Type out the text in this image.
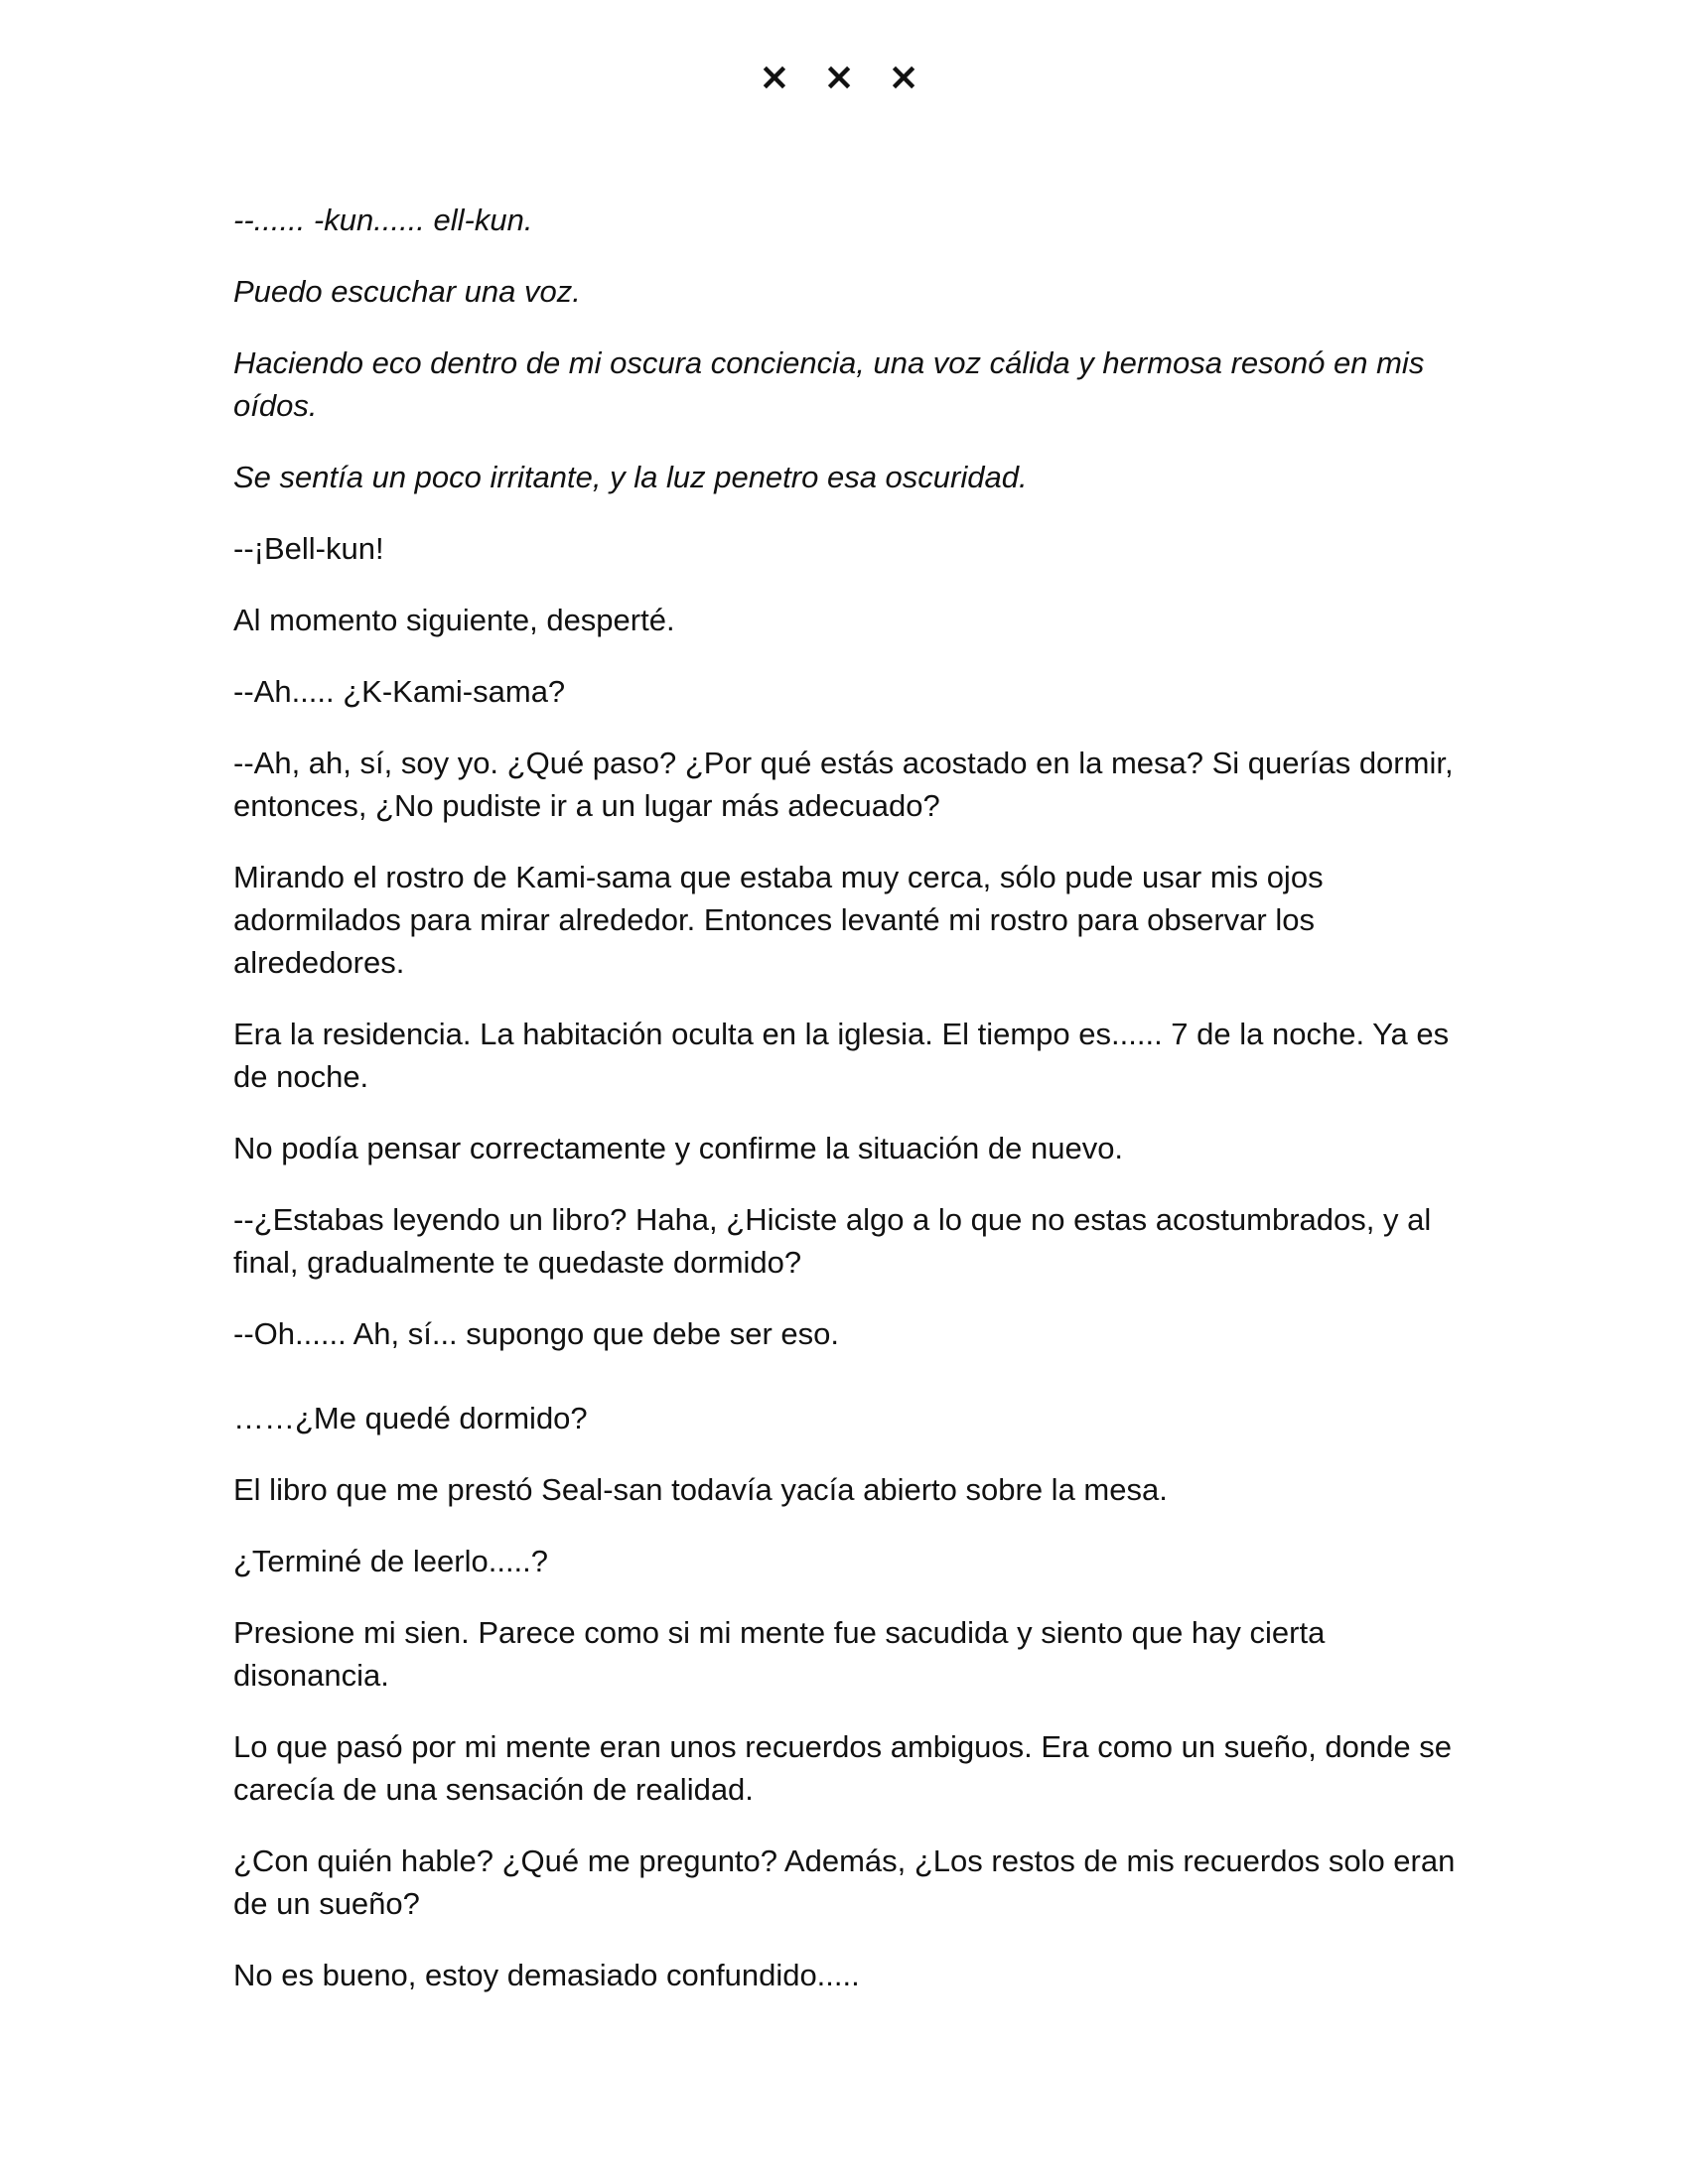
× × ×

--...... -kun...... ell-kun.

Puedo escuchar una voz.

Haciendo eco dentro de mi oscura conciencia, una voz cálida y hermosa resonó en mis oídos.

Se sentía un poco irritante, y la luz penetro esa oscuridad.

--¡Bell-kun!

Al momento siguiente, desperté.

--Ah..... ¿K-Kami-sama?

--Ah, ah, sí, soy yo. ¿Qué paso? ¿Por qué estás acostado en la mesa? Si querías dormir, entonces, ¿No pudiste ir a un lugar más adecuado?

Mirando el rostro de Kami-sama que estaba muy cerca, sólo pude usar mis ojos adormilados para mirar alrededor. Entonces levanté mi rostro para observar los alrededores.

Era la residencia. La habitación oculta en la iglesia. El tiempo es...... 7 de la noche. Ya es de noche.

No podía pensar correctamente y confirme la situación de nuevo.

--¿Estabas leyendo un libro? Haha, ¿Hiciste algo a lo que no estas acostumbrados, y al final, gradualmente te quedaste dormido?

--Oh...... Ah, sí... supongo que debe ser eso.

……¿Me quedé dormido?

El libro que me prestó Seal-san todavía yacía abierto sobre la mesa.

¿Terminé de leerlo.....?

Presione mi sien. Parece como si mi mente fue sacudida y siento que hay cierta disonancia.

Lo que pasó por mi mente eran unos recuerdos ambiguos. Era como un sueño, donde se carecía de una sensación de realidad.

¿Con quién hable? ¿Qué me pregunto? Además, ¿Los restos de mis recuerdos solo eran de un sueño?

No es bueno, estoy demasiado confundido.....
